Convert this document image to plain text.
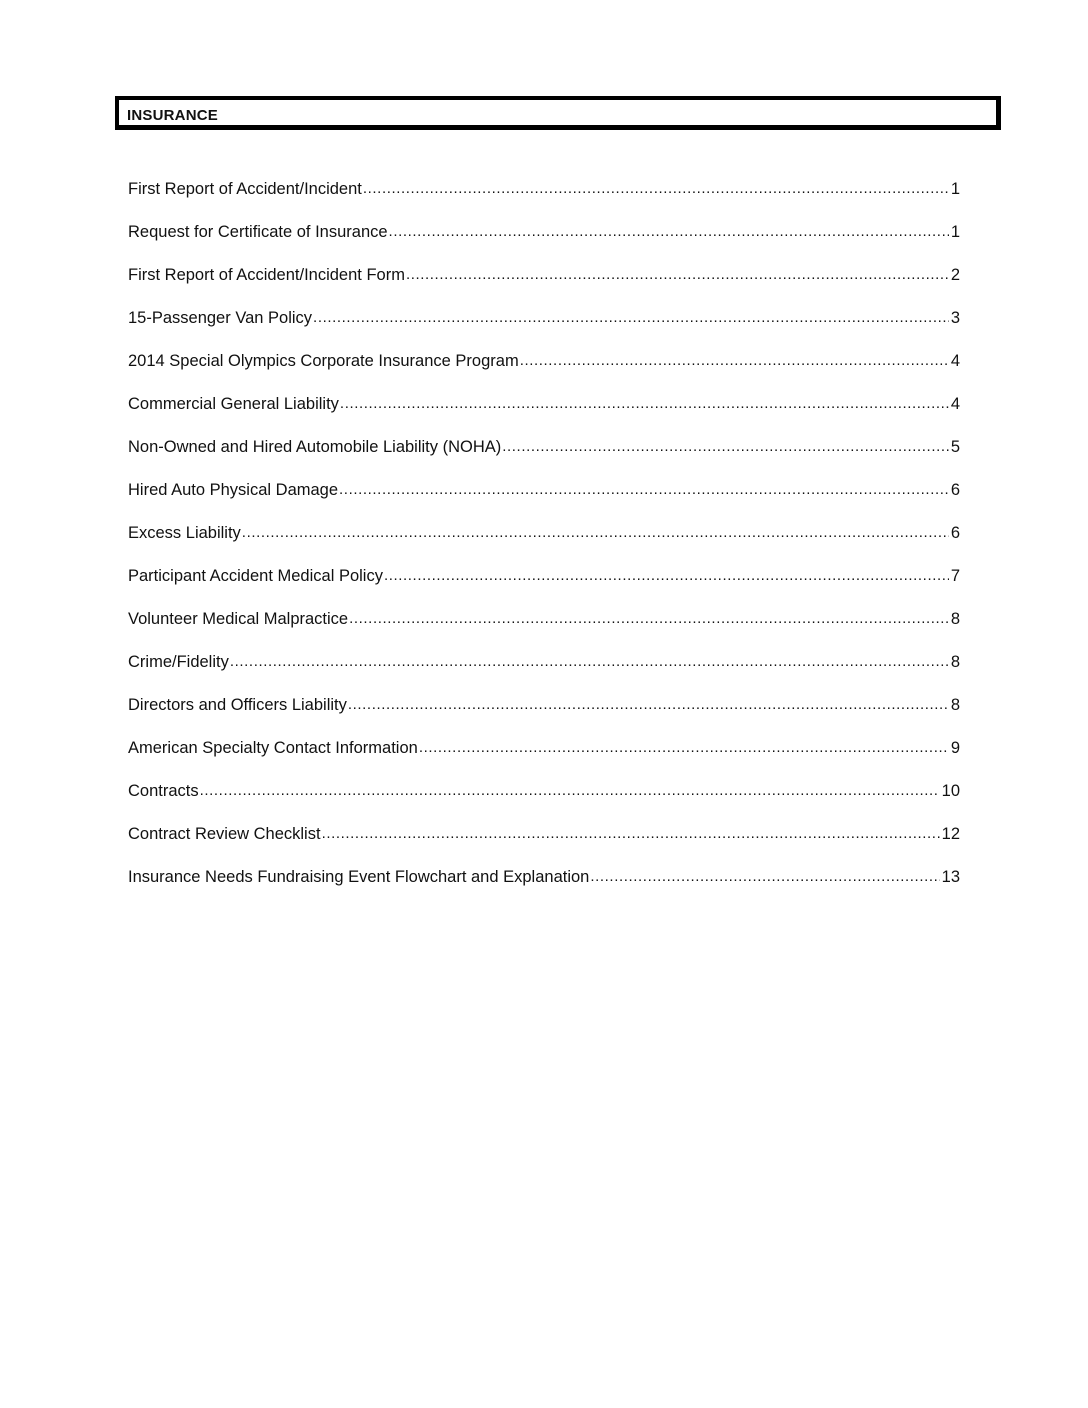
INSURANCE
First Report of Accident/Incident .....	1
Request for Certificate of Insurance .....	1
First Report of Accident/Incident Form .....	2
15-Passenger Van Policy .....	3
2014 Special Olympics Corporate Insurance Program .....	4
Commercial General Liability .....	4
Non-Owned and Hired Automobile Liability (NOHA) .....	5
Hired Auto Physical Damage .....	6
Excess Liability .....	6
Participant Accident Medical Policy .....	7
Volunteer Medical Malpractice .....	8
Crime/Fidelity .....	8
Directors and Officers Liability .....	8
American Specialty Contact Information .....	9
Contracts .....	10
Contract Review Checklist .....	12
Insurance Needs Fundraising Event Flowchart and Explanation .....	13
